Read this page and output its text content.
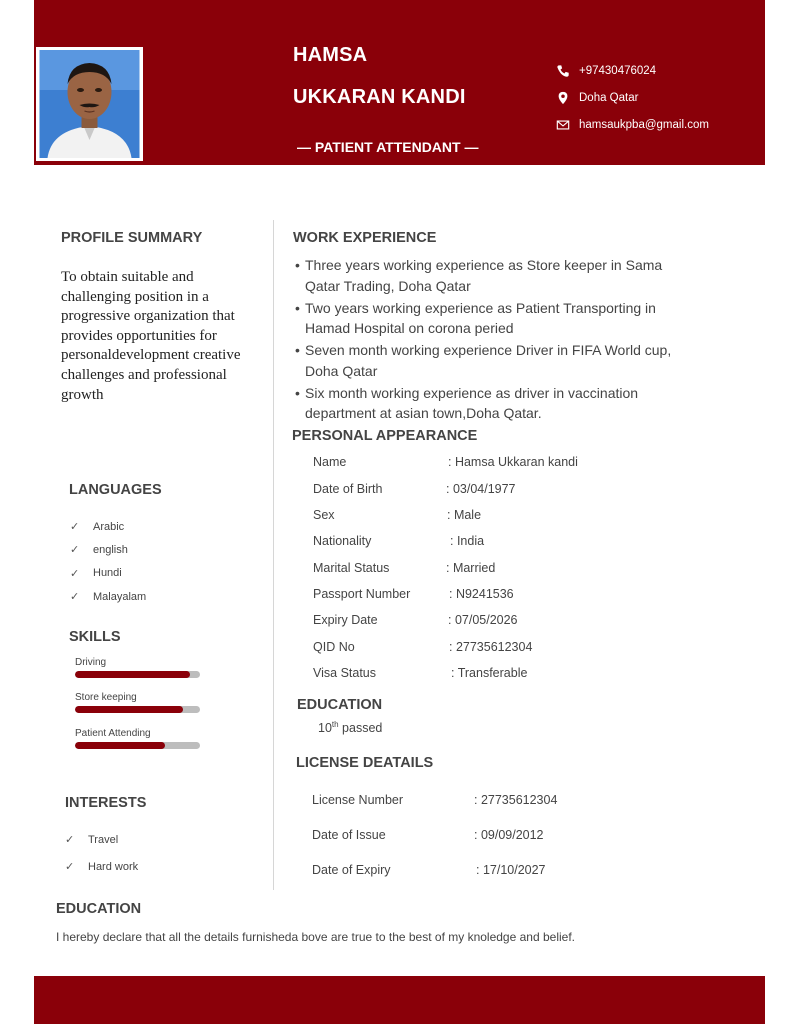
HAMSA
UKKARAN KANDI
— PATIENT ATTENDANT —
+97430476024
Doha Qatar
hamsaukpba@gmail.com
PROFILE SUMMARY
To obtain suitable and challenging position in a progressive organization that provides opportunities for personaldevelopment creative challenges and professional growth
LANGUAGES
✓ Arabic
✓ english
✓ Hundi
✓ Malayalam
SKILLS
Driving
Store keeping
Patient Attending
INTERESTS
✓ Travel
✓ Hard work
WORK EXPERIENCE
• Three years working experience as Store keeper in Sama Qatar Trading, Doha Qatar
• Two years working experience as Patient Transporting in Hamad Hospital on corona peried
• Seven month working experience Driver in FIFA World cup, Doha Qatar
• Six month working experience as driver in vaccination department at asian town,Doha Qatar.
PERSONAL APPEARANCE
Name	: Hamsa Ukkaran kandi
Date of Birth	: 03/04/1977
Sex	: Male
Nationality	: India
Marital Status	: Married
Passport Number	: N9241536
Expiry Date	: 07/05/2026
QID No	: 27735612304
Visa Status	: Transferable
EDUCATION
10th passed
LICENSE DEATAILS
License Number	: 27735612304
Date of Issue	: 09/09/2012
Date of Expiry	: 17/10/2027
EDUCATION
I hereby declare that all the details furnisheda bove are true to the best of my knoledge and belief.
